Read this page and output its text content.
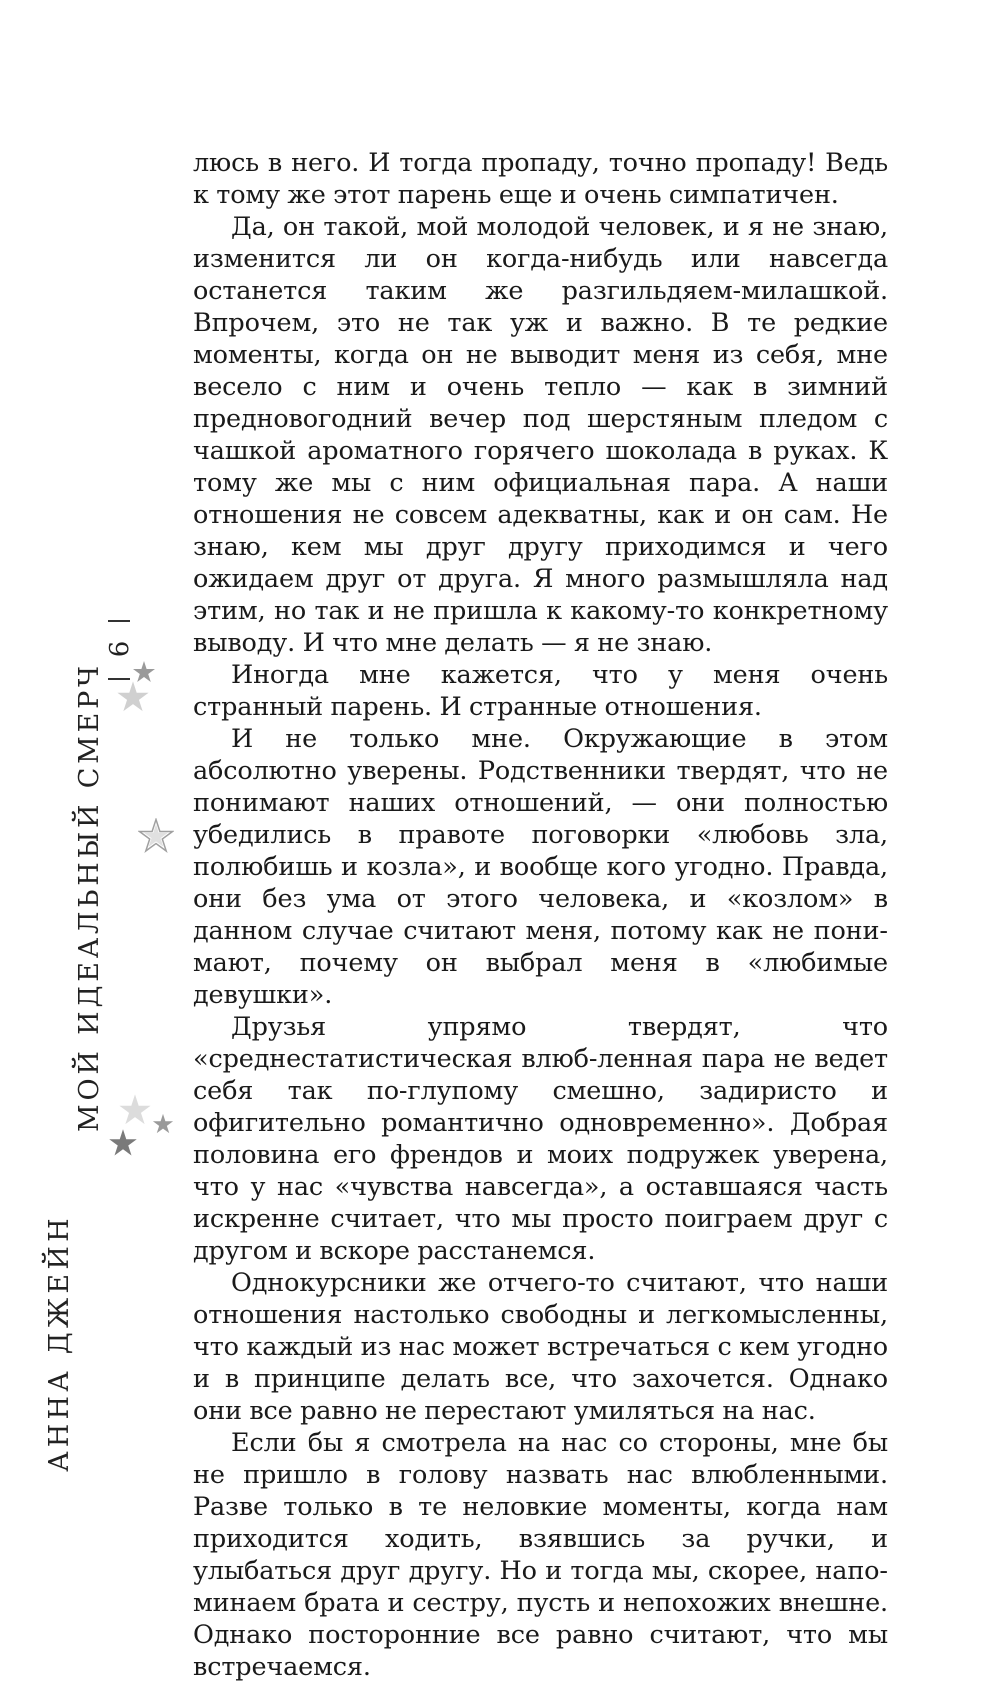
6
МОЙ ИДЕАЛЬНЫЙ СМЕРЧ
АННА ДЖЕЙН

люсь в него. И тогда пропаду, точно пропаду! Ведь к тому же этот парень еще и очень симпатичен.

Да, он такой, мой молодой человек, и я не знаю, изменится ли он когда-нибудь или навсегда останется таким же разгильдяем-милашкой. Впрочем, это не так уж и важно. В те редкие моменты, когда он не выводит меня из себя, мне весело с ним и очень тепло — как в зимний предновогодний вечер под шерстяным пледом с чашкой ароматного горячего шоколада в руках. К тому же мы с ним официальная пара. А наши отношения не совсем адекватны, как и он сам. Не знаю, кем мы друг другу приходимся и чего ожидаем друг от друга. Я много размышляла над этим, но так и не пришла к какому-то конкретному выводу. И что мне делать — я не знаю.

Иногда мне кажется, что у меня очень странный парень. И странные отношения.

И не только мне. Окружающие в этом абсолютно уверены. Родственники твердят, что не понимают наших отношений, — они полностью убедились в правоте поговорки «любовь зла, полюбишь и козла», и вообще кого угодно. Правда, они без ума от этого человека, и «козлом» в данном случае считают меня, потому как не понимают, почему он выбрал меня в «любимые девушки».

Друзья упрямо твердят, что «среднестатистическая влюб-ленная пара не ведет себя так по-глупому смешно, задиристо и офигительно романтично одновременно». Добрая половина его френдов и моих подружек уверена, что у нас «чувства навсегда», а оставшаяся часть искренне считает, что мы просто поиграем друг с другом и вскоре расстанемся.

Однокурсники же отчего-то считают, что наши отношения настолько свободны и легкомысленны, что каждый из нас может встречаться с кем угодно и в принципе делать все, что захочется. Однако они все равно не перестают умиляться на нас.

Если бы я смотрела на нас со стороны, мне бы не пришло в голову назвать нас влюбленными. Разве только в те неловкие моменты, когда нам приходится ходить, взявшись за ручки, и улыбаться друг другу. Но и тогда мы, скорее, напоминаем брата и сестру, пусть и непохожих внешне. Однако посторонние все равно считают, что мы встречаемся.
